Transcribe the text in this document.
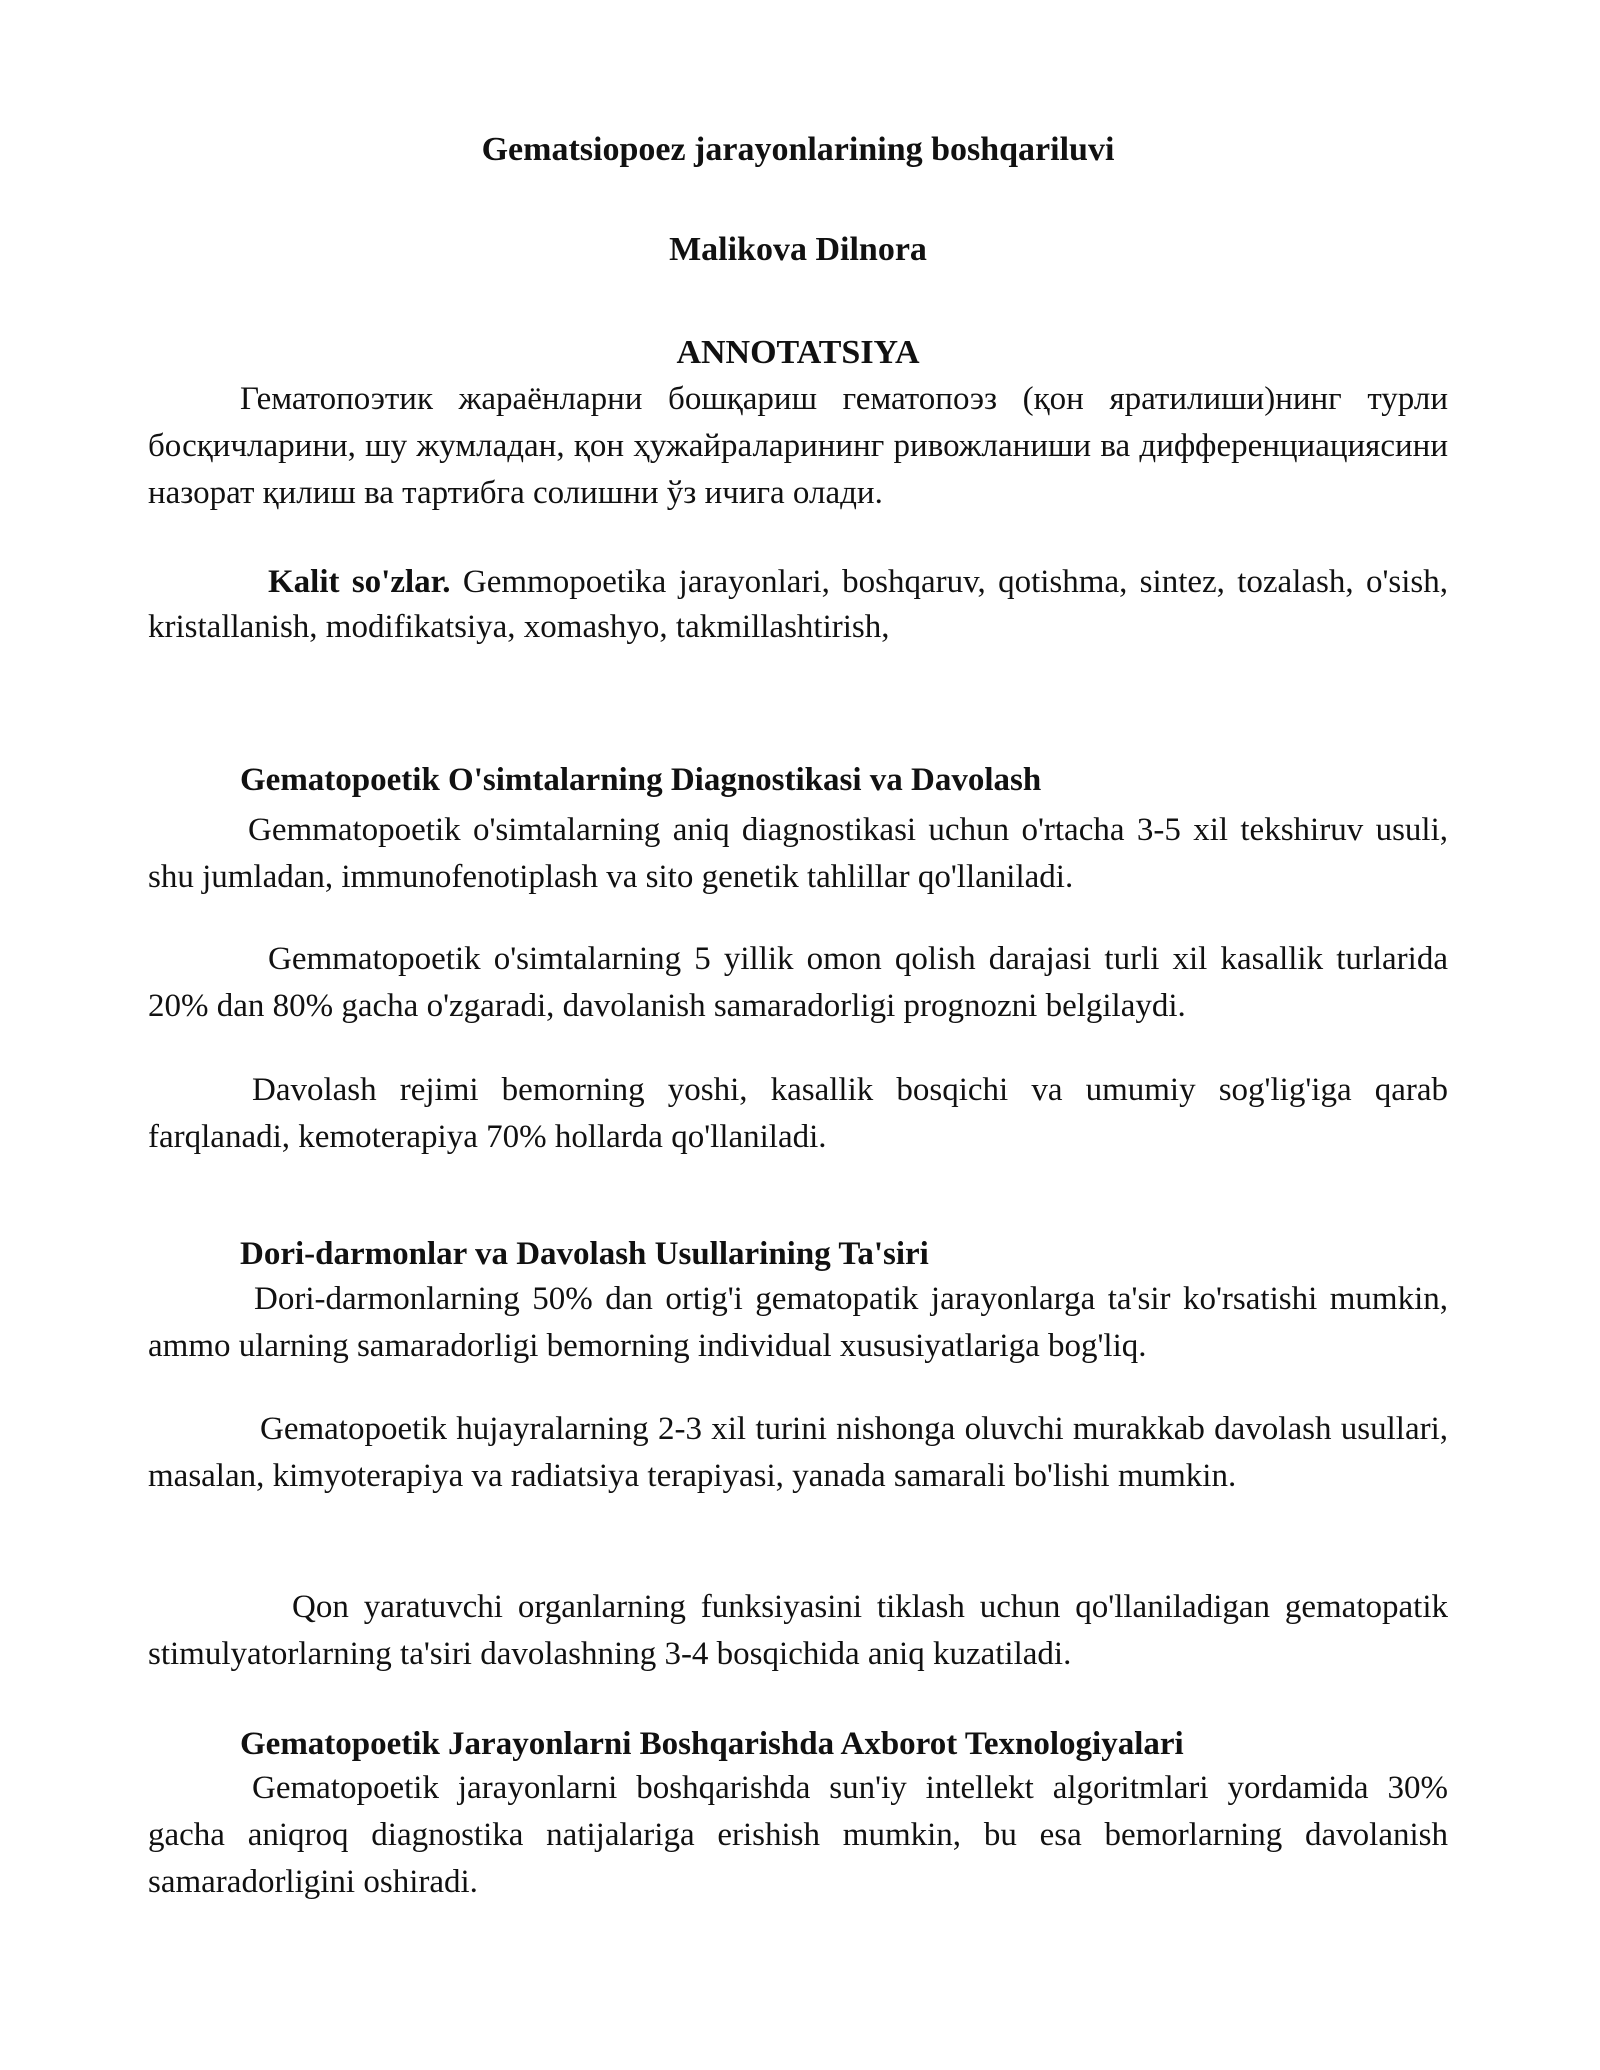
Gematsiopoez jarayonlarining boshqariluvi

Malikova Dilnora

ANNOTATSIYA

Гематопоэтик жараёнларни бошқариш гематопоэз (қон яратилиши)нинг турли босқичларини, шу жумладан, қон ҳужайраларининг ривожланиши ва дифференциациясини назорат қилиш ва тартибга солишни ўз ичига олади.

Kalit so'zlar. Gemmopoetika jarayonlari, boshqaruv, qotishma, sintez, tozalash, o'sish, kristallanish, modifikatsiya, xomashyo, takmillashtirish,

Gematopoetik O'simtalarning Diagnostikasi va Davolash

Gemmatopoetik o'simtalarning aniq diagnostikasi uchun o'rtacha 3-5 xil tekshiruv usuli, shu jumladan, immunofenotiplash va sito genetik tahlillar qo'llaniladi.

Gemmatopoetik o'simtalarning 5 yillik omon qolish darajasi turli xil kasallik turlarida 20% dan 80% gacha o'zgaradi, davolanish samaradorligi prognozni belgilaydi.

Davolash rejimi bemorning yoshi, kasallik bosqichi va umumiy sog'lig'iga qarab farqlanadi, kemoterapiya 70% hollarda qo'llaniladi.

Dori-darmonlar va Davolash Usullarining Ta'siri

Dori-darmonlarning 50% dan ortig'i gematopatik jarayonlarga ta'sir ko'rsatishi mumkin, ammo ularning samaradorligi bemorning individual xususiyatlariga bog'liq.

Gematopoetik hujayralarning 2-3 xil turini nishonga oluvchi murakkab davolash usullari, masalan, kimyoterapiya va radiatsiya terapiyasi, yanada samarali bo'lishi mumkin.

Qon yaratuvchi organlarning funksiyasini tiklash uchun qo'llaniladigan gematopatik stimulyatorlarning ta'siri davolashning 3-4 bosqichida aniq kuzatiladi.

Gematopoetik Jarayonlarni Boshqarishda Axborot Texnologiyalari

Gematopoetik jarayonlarni boshqarishda sun'iy intellekt algoritmlari yordamida 30% gacha aniqroq diagnostika natijalariga erishish mumkin, bu esa bemorlarning davolanish samaradorligini oshiradi.
